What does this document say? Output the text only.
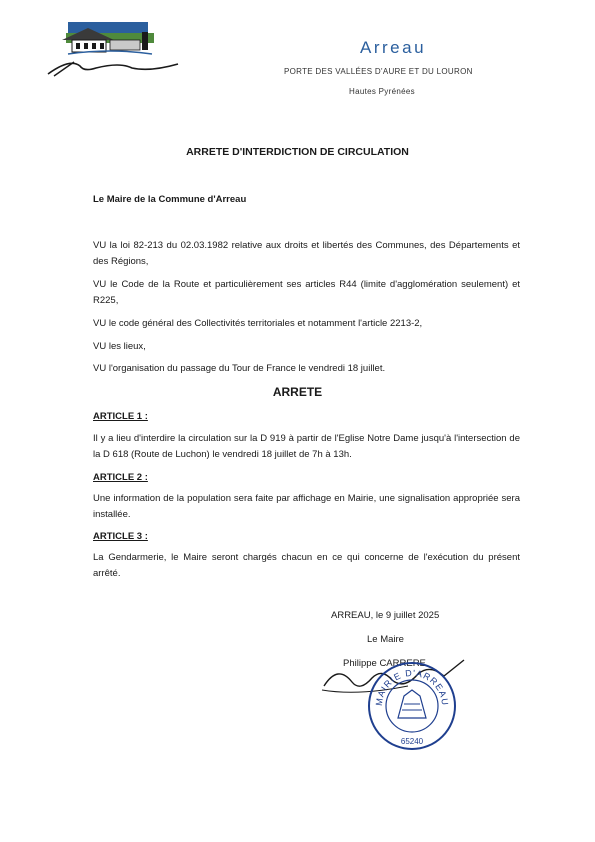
Arreau
PORTE DES VALLÉES D'AURE ET DU LOURON
Hautes Pyrénées
ARRETE D'INTERDICTION DE CIRCULATION
Le Maire de la Commune d'Arreau
VU la loi 82-213 du 02.03.1982 relative aux droits et libertés des Communes, des Départements et des Régions,
VU le Code de la Route et particulièrement ses articles R44 (limite d'agglomération seulement) et R225,
VU le code général des Collectivités territoriales et notamment l'article 2213-2,
VU les lieux,
VU l'organisation du passage du Tour de France le vendredi 18 juillet.
ARRETE
ARTICLE 1 :
Il y a lieu d'interdire la circulation sur la D 919 à partir de l'Eglise Notre Dame jusqu'à l'intersection de la D 618 (Route de Luchon) le vendredi 18 juillet de 7h à 13h.
ARTICLE 2 :
Une information de la population sera faite par affichage en Mairie, une signalisation appropriée sera installée.
ARTICLE 3 :
La Gendarmerie, le Maire seront chargés chacun en ce qui concerne de l'exécution du présent arrêté.
ARREAU, le 9 juillet 2025
Le Maire
Philippe CARRERE
MAIRIE D'ARREAU
65240
